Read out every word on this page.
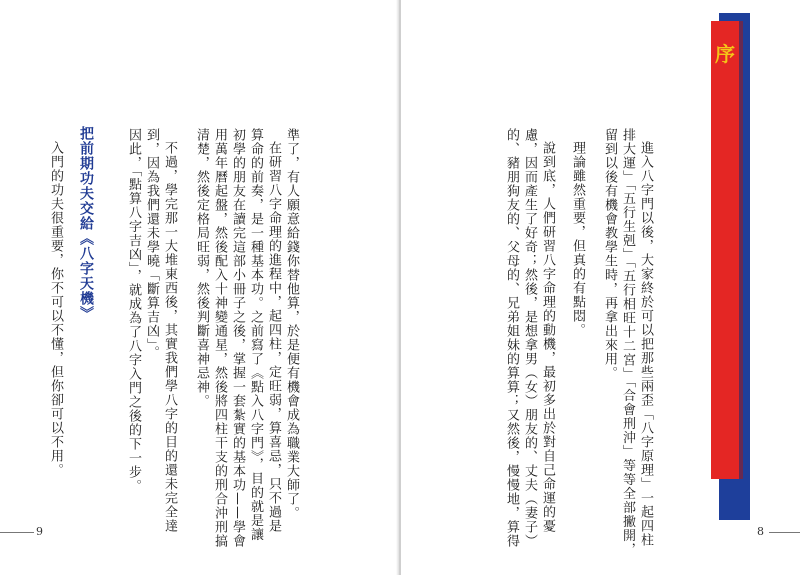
準了，有人願意給錢你替他算，於是便有機會成為職業大師了。
在研習八字命理的進程中，起四柱，定旺弱，算喜忌，只不過是
算命的前奏，是一種基本功。之前寫了《點入八字門》，目的就是讓
初學的朋友在讀完這部小冊子之後，掌握一套紮實的基本功——學會
用萬年曆起盤，然後配入十神變通星，然後將四柱干支的刑合沖刑搞
清楚，然後定格局旺弱，然後判斷喜神忌神。
不過，學完那一大堆東西後，其實我們學八字的目的還未完全達
到，因為我們還未學曉「斷算吉凶」。
因此，「點算八字吉凶」，就成為了八字入門之後的下一步。
把前期功夫交給《八字天機》
入門的功夫很重要，你不可以不懂，但你卻可以不用。
9	進入八字門以後，大家終於可以把那些兩歪「八字原理」一起四柱
排大運」「五行生剋」「五行相旺十二宮」「合會刑沖」等等全部撇開，
留到以後有機會教學生時，再拿出來用。
理論雖然重要，但真的有點悶。
說到底，人們研習八字命理的動機，最初多出於對自己命運的憂
慮，因而產生了好奇；然後，是想拿男（女）朋友的、丈夫（妻子）
的、豬朋狗友的、父母的、兄弟姐妹的算算；又然後，慢慢地，算得	8
序
